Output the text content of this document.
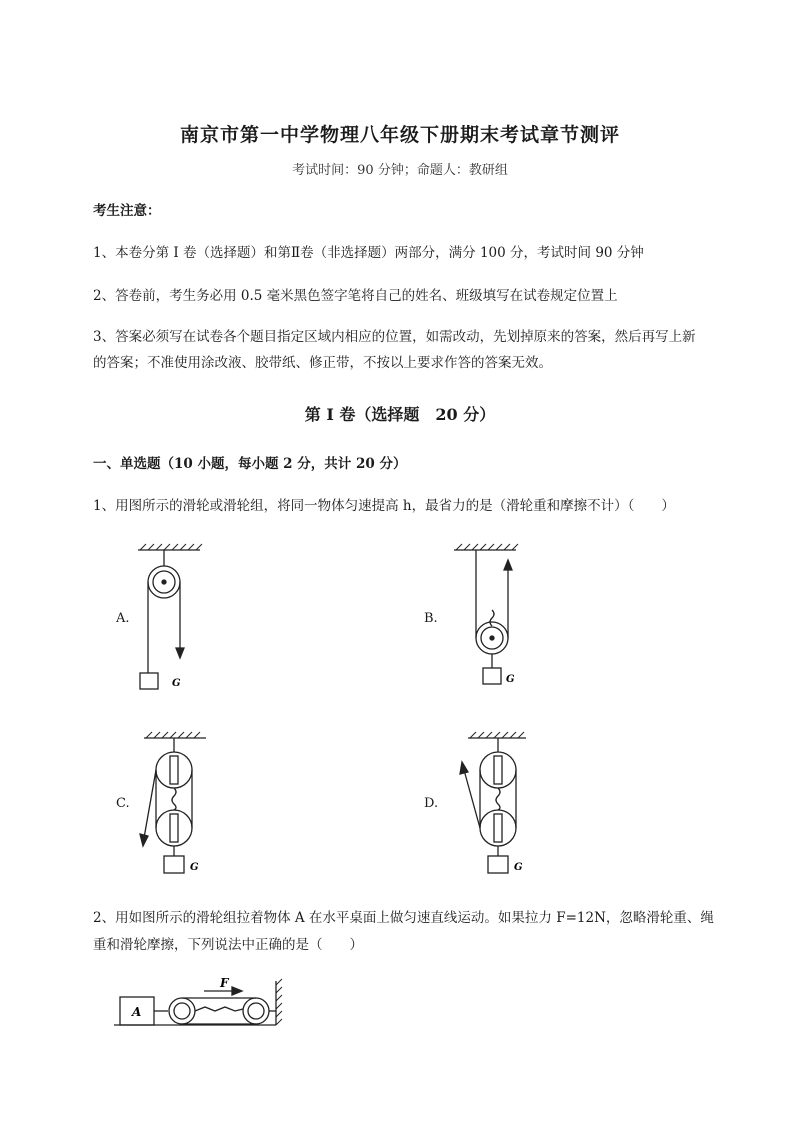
南京市第一中学物理八年级下册期末考试章节测评
考试时间：90 分钟；命题人：教研组
考生注意：
1、本卷分第 I 卷（选择题）和第Ⅱ卷（非选择题）两部分，满分 100 分，考试时间 90 分钟
2、答卷前，考生务必用 0.5 毫米黑色签字笔将自己的姓名、班级填写在试卷规定位置上
3、答案必须写在试卷各个题目指定区域内相应的位置，如需改动，先划掉原来的答案，然后再写上新
的答案；不准使用涂改液、胶带纸、修正带，不按以上要求作答的答案无效。
第 I 卷（选择题　20 分）
一、单选题（10 小题，每小题 2 分，共计 20 分）
1、用图所示的滑轮或滑轮组，将同一物体匀速提高 h，最省力的是（滑轮重和摩擦不计）（　　）
A.	B.
C.	D.
G	G
G	G
2、用如图所示的滑轮组拉着物体 A 在水平桌面上做匀速直线运动。如果拉力 F=12N，忽略滑轮重、绳
重和滑轮摩擦，下列说法中正确的是（　　）
A
F
